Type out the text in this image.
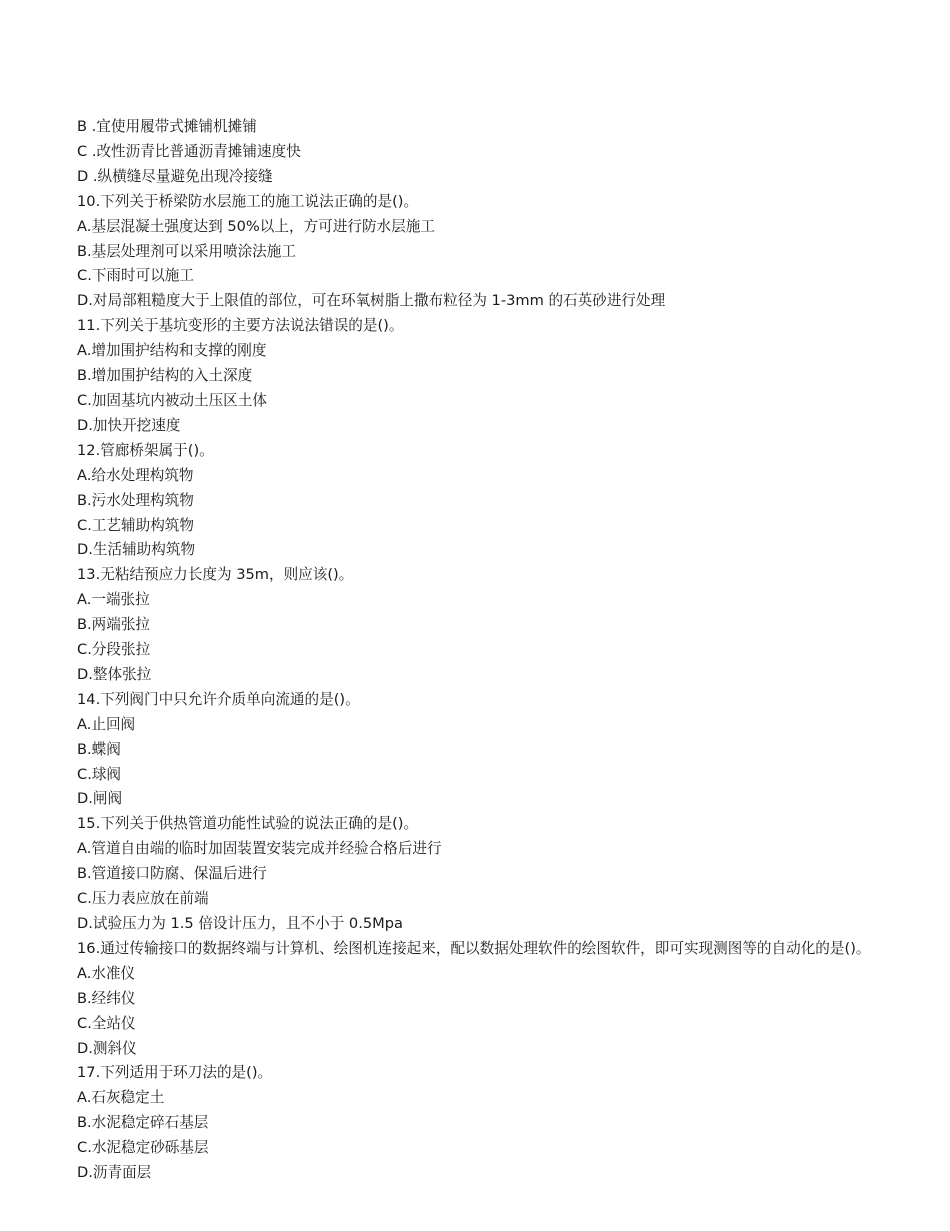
B .宜使用履带式摊铺机摊铺
C .改性沥青比普通沥青摊铺速度快
D .纵横缝尽量避免出现冷接缝
10.下列关于桥梁防水层施工的施工说法正确的是()。
A.基层混凝土强度达到 50%以上，方可进行防水层施工
B.基层处理剂可以采用喷涂法施工
C.下雨时可以施工
D.对局部粗糙度大于上限值的部位，可在环氧树脂上撒布粒径为 1-3mm 的石英砂进行处理
11.下列关于基坑变形的主要方法说法错误的是()。
A.增加围护结构和支撑的刚度
B.增加围护结构的入土深度
C.加固基坑内被动土压区土体
D.加快开挖速度
12.管廊桥架属于()。
A.给水处理构筑物
B.污水处理构筑物
C.工艺辅助构筑物
D.生活辅助构筑物
13.无粘结预应力长度为 35m，则应该()。
A.一端张拉
B.两端张拉
C.分段张拉
D.整体张拉
14.下列阀门中只允许介质单向流通的是()。
A.止回阀
B.蝶阀
C.球阀
D.闸阀
15.下列关于供热管道功能性试验的说法正确的是()。
A.管道自由端的临时加固装置安装完成并经验合格后进行
B.管道接口防腐、保温后进行
C.压力表应放在前端
D.试验压力为 1.5 倍设计压力，且不小于 0.5Mpa
16.通过传输接口的数据终端与计算机、绘图机连接起来，配以数据处理软件的绘图软件，即可实现测图等的自动化的是()。
A.水准仪
B.经纬仪
C.全站仪
D.测斜仪
17.下列适用于环刀法的是()。
A.石灰稳定土
B.水泥稳定碎石基层
C.水泥稳定砂砾基层
D.沥青面层
